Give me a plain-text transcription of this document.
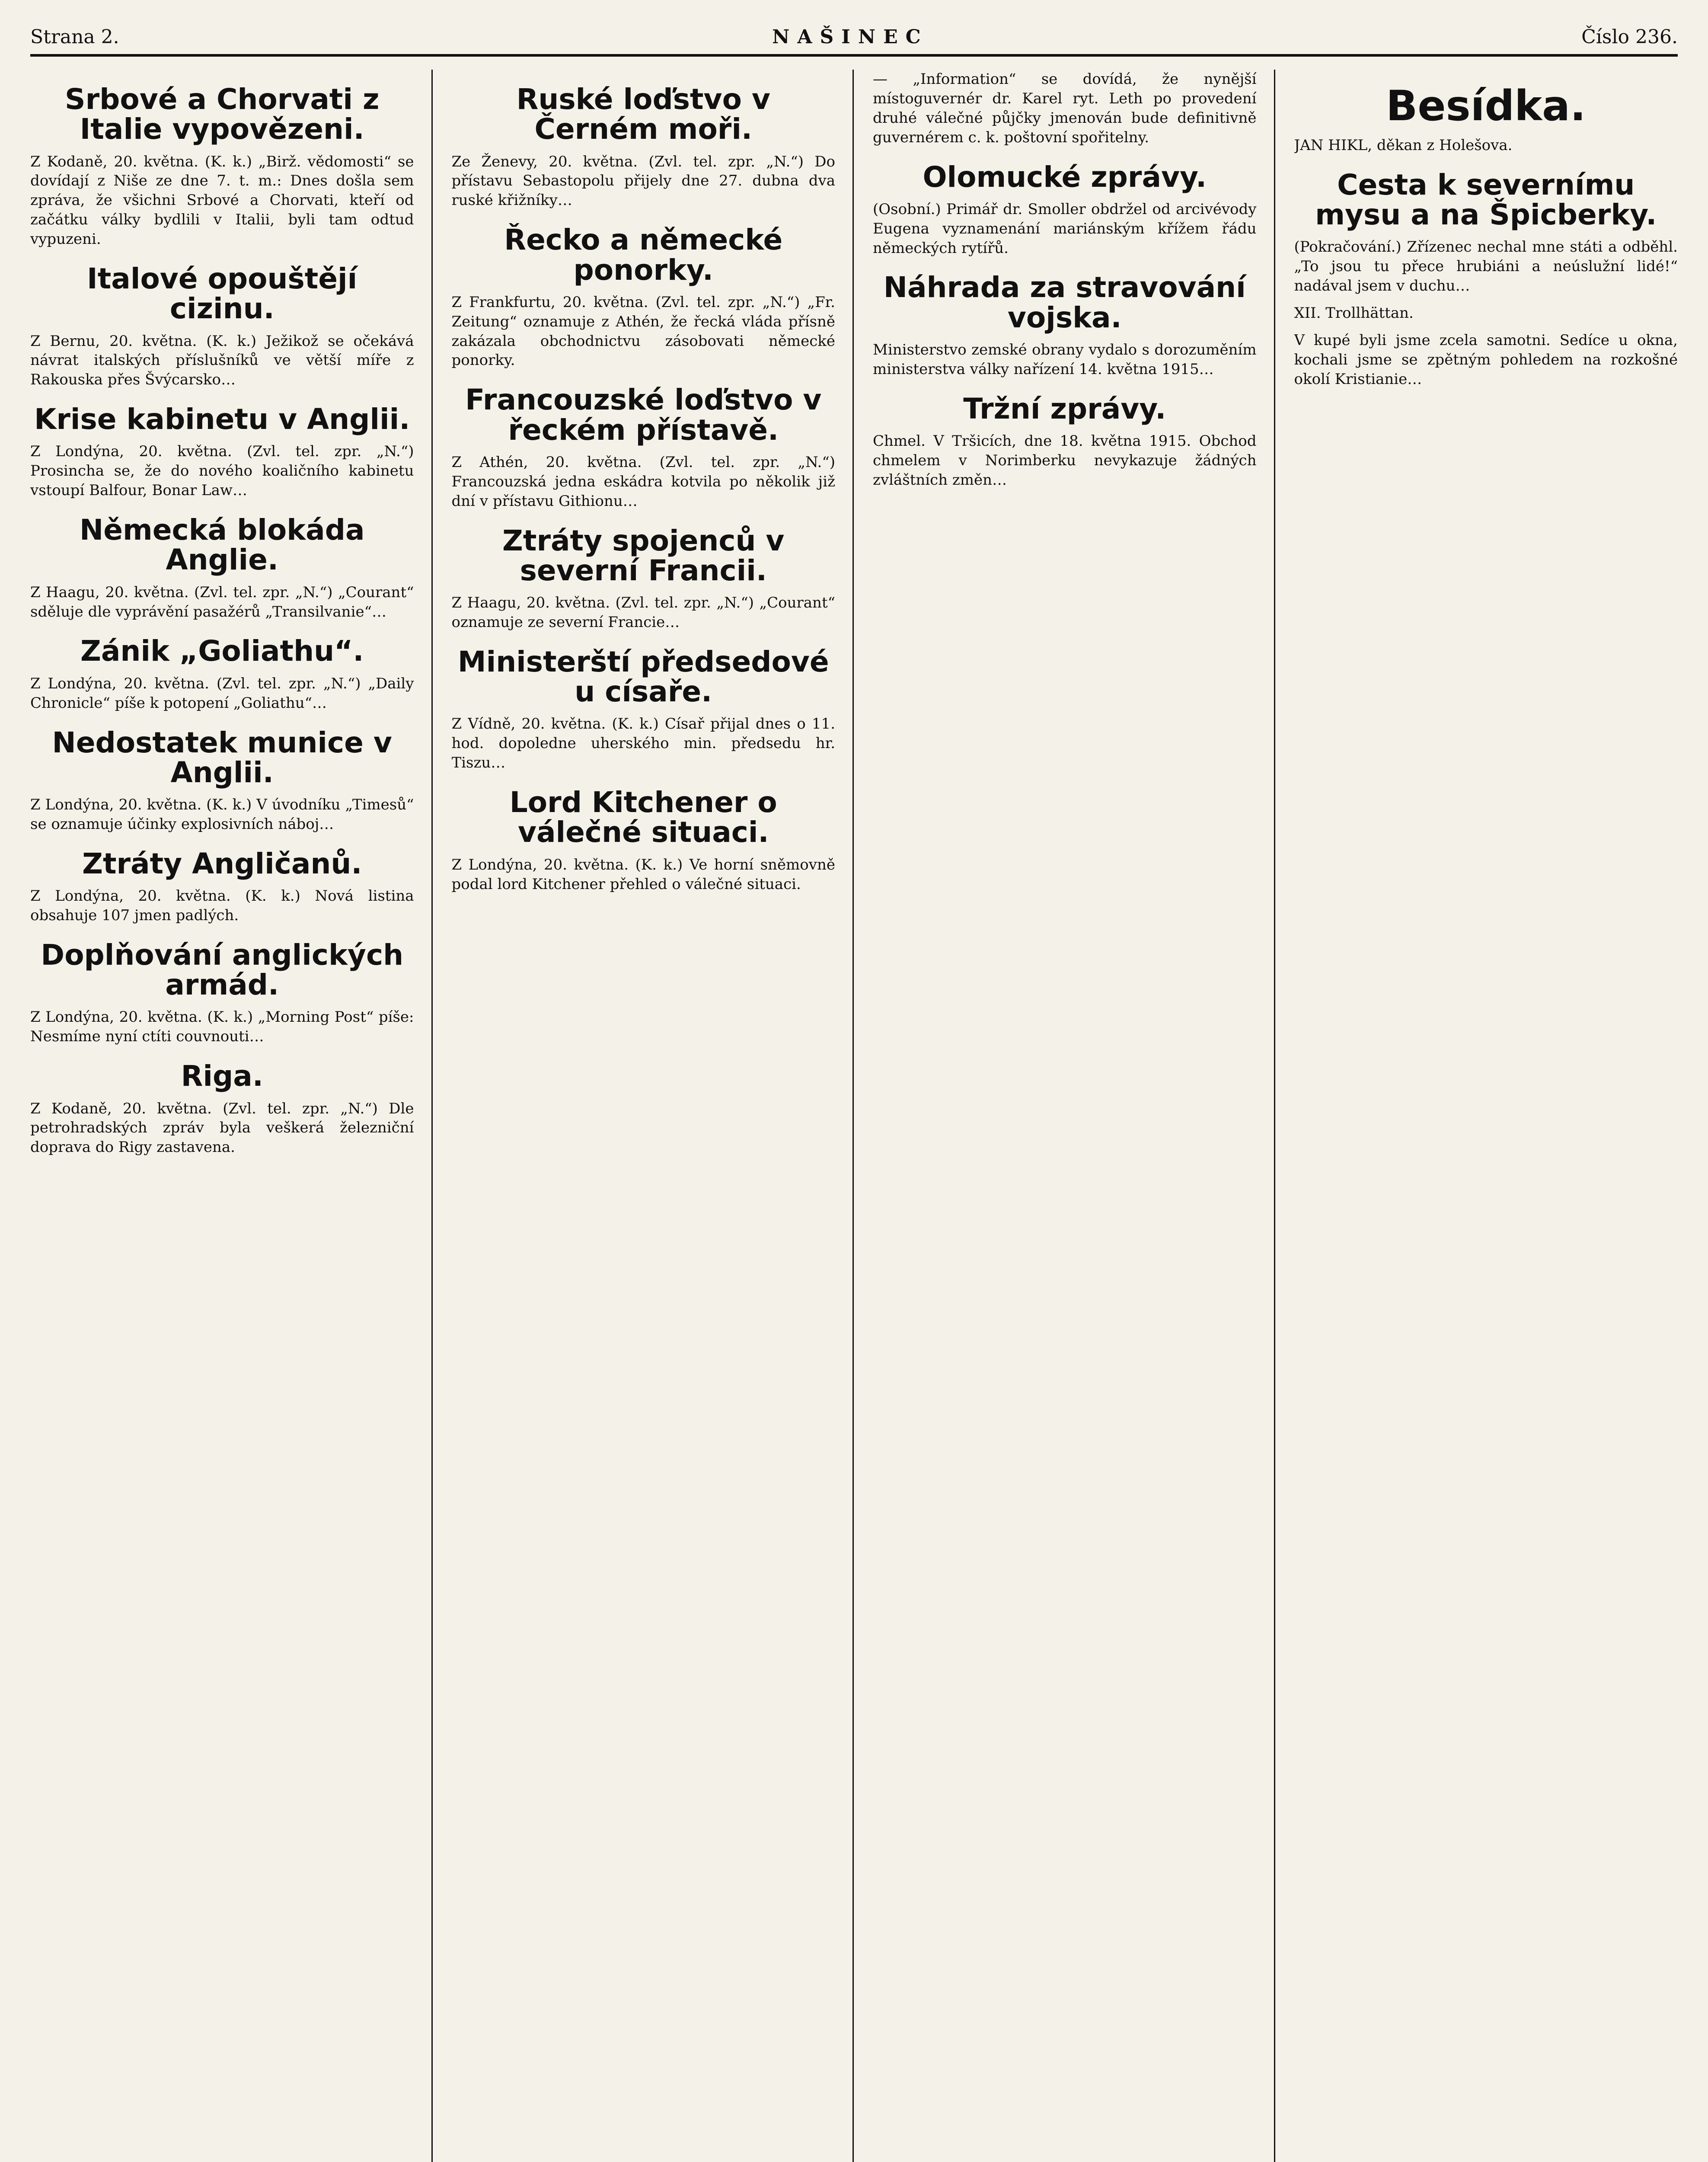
Strana 2.	NAŠINEC	Číslo 236.
Srbové a Chorvati z Italie vypovězeni.

Z Kodaně, 20. května. (K. k.) „Birž. vědomosti“ se dovídají z Niše ze dne 7. t. m.: Dnes došla sem zpráva, že všichni Srbové a Chorvati, kteří od začátku války bydlili v Italii, byli tam odtud vypuzeni.

Italové opouštějí cizinu.

Z Bernu, 20. května. (K. k.) Ježikož se očekává návrat italských příslušníků ve větší míře z Rakouska přes Švýcarsko…

Krise kabinetu v Anglii.

Z Londýna, 20. května. (Zvl. tel. zpr. „N.“) Prosincha se, že do nového koaličního kabinetu vstoupí Balfour, Bonar Law…

Německá blokáda Anglie.

Z Haagu, 20. května. (Zvl. tel. zpr. „N.“) „Courant“ sděluje dle vyprávění pasažérů „Transilvanie“…

Zánik „Goliathu“.

Z Londýna, 20. května. (Zvl. tel. zpr. „N.“) „Daily Chronicle“ píše k potopení „Goliathu“…

Nedostatek munice v Anglii.

Z Londýna, 20. května. (K. k.) V úvodníku „Timesů“ se oznamuje účinky explosivních náboj…

Ztráty Angličanů.

Z Londýna, 20. května. (K. k.) Nová listina obsahuje 107 jmen padlých.

Doplňování anglických armád.

Z Londýna, 20. května. (K. k.) „Morning Post“ píše: Nesmíme nyní ctíti couvnouti…

Riga.

Z Kodaně, 20. května. (Zvl. tel. zpr. „N.“) Dle petrohradských zpráv byla veškerá železniční doprava do Rigy zastavena.

Ruské loďstvo v Černém moři.

Ze Ženevy, 20. května. (Zvl. tel. zpr. „N.“) Do přístavu Sebastopolu přijely dne 27. dubna dva ruské křižníky…

Řecko a německé ponorky.

Z Frankfurtu, 20. května. (Zvl. tel. zpr. „N.“) „Fr. Zeitung“ oznamuje z Athén, že řecká vláda přísně zakázala obchodnictvu zásobovati německé ponorky.

Francouzské loďstvo v řeckém přístavě.

Z Athén, 20. května. (Zvl. tel. zpr. „N.“) Francouzská jedna eskádra kotvila po několik již dní v přístavu Githionu…

Ztráty spojenců v severní Francii.

Z Haagu, 20. května. (Zvl. tel. zpr. „N.“) „Courant“ oznamuje ze severní Francie…

Ministerští předsedové u císaře.

Z Vídně, 20. května. (K. k.) Císař přijal dnes o 11. hod. dopoledne uherského min. předsedu hr. Tiszu…

Lord Kitchener o válečné situaci.

Z Londýna, 20. května. (K. k.) Ve horní sněmovně podal lord Kitchener přehled o válečné situaci.

— „Information“ se dovídá, že nynější místoguvernér dr. Karel ryt. Leth po provedení druhé válečné půjčky jmenován bude definitivně guvernérem c. k. poštovní spořitelny.

Olomucké zprávy.

(Osobní.) Primář dr. Smoller obdržel od arcivévody Eugena vyznamenání mariánským křížem řádu německých rytířů.

Náhrada za stravování vojska.

Ministerstvo zemské obrany vydalo s dorozuměním ministerstva války nařízení 14. května 1915…

Tržní zprávy.

Chmel. V Tršicích, dne 18. května 1915. Obchod chmelem v Norimberku nevykazuje žádných zvláštních změn…

Besídka.

JAN HIKL, děkan z Holešova.

Cesta k severnímu mysu a na Špicberky.

(Pokračování.) Zřízenec nechal mne státi a odběhl. „To jsou tu přece hrubiáni a neúslužní lidé!“ nadával jsem v duchu…

XII. Trollhättan.

V kupé byli jsme zcela samotni. Sedíce u okna, kochali jsme se zpětným pohledem na rozkošné okolí Kristianie…
